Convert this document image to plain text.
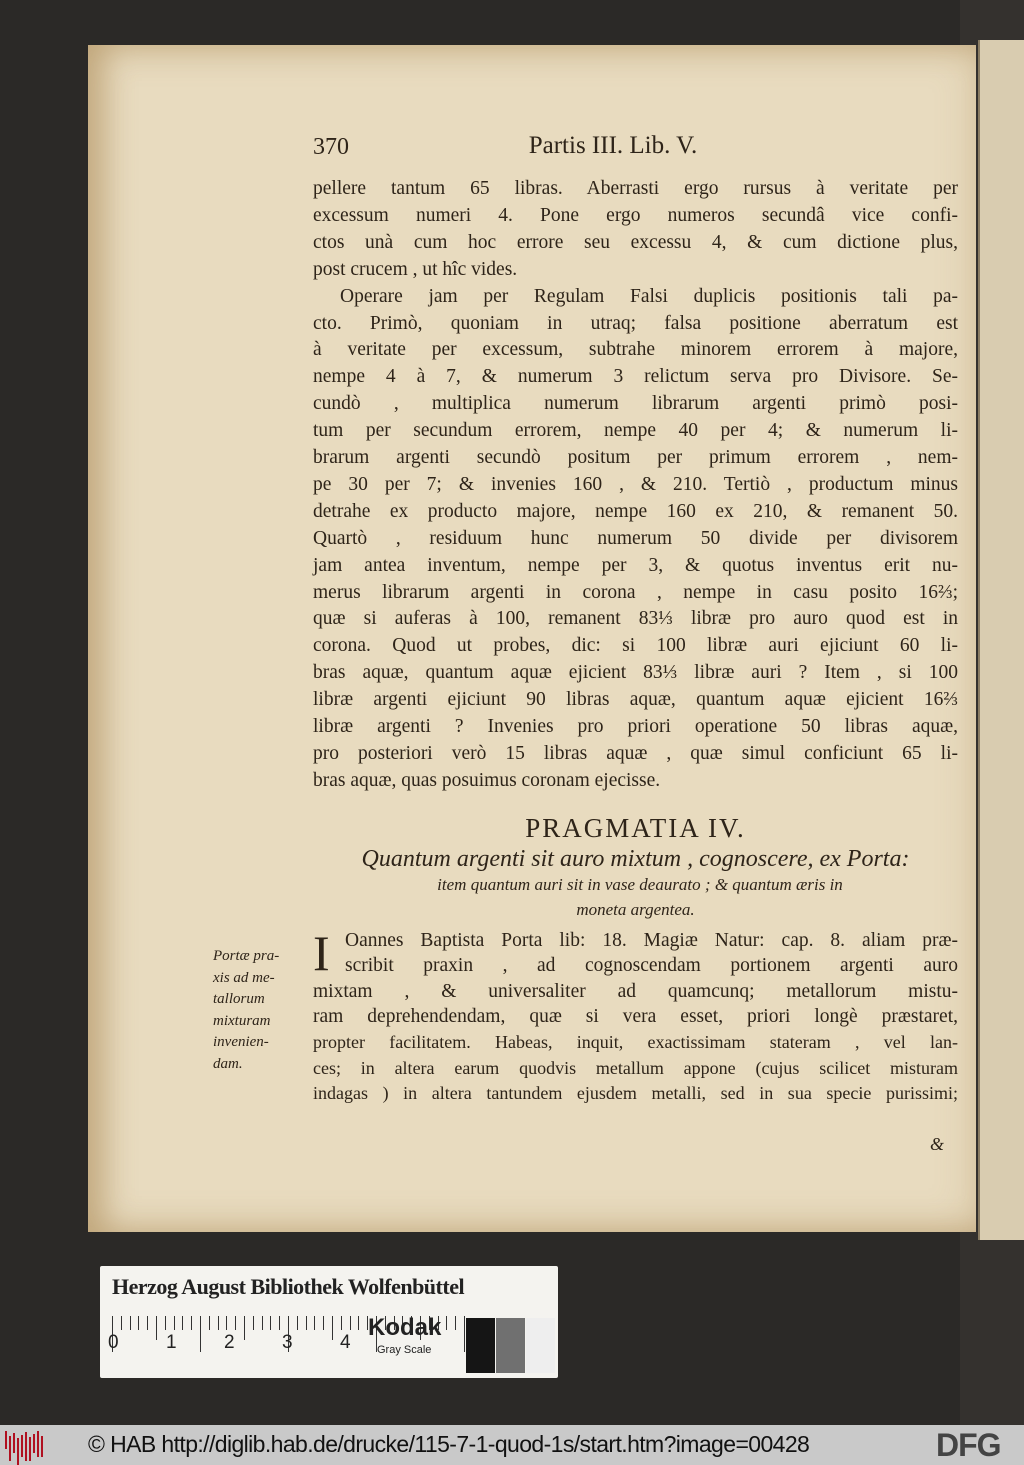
370	Partis III. Lib. V.
pellere tantum 65 libras. Aberrasti ergo rursus à veritate per
excessum numeri 4. Pone ergo numeros secundâ vice confi-
ctos unà cum hoc errore seu excessu 4, & cum dictione plus,
post crucem , ut hîc vides.
Operare jam per Regulam Falsi duplicis positionis tali pa-
cto. Primò, quoniam in utraq; falsa positione aberratum est
à veritate per excessum, subtrahe minorem errorem à majore,
nempe 4 à 7, & numerum 3 relictum serva pro Divisore. Se-
cundò , multiplica numerum librarum argenti primò posi-
tum per secundum errorem, nempe 40 per 4; & numerum li-
brarum argenti secundò positum per primum errorem , nem-
pe 30 per 7; & invenies 160 , & 210. Tertiò , productum minus
detrahe ex producto majore, nempe 160 ex 210, & remanent 50.
Quartò , residuum hunc numerum 50 divide per divisorem
jam antea inventum, nempe per 3, & quotus inventus erit nu-
merus librarum argenti in corona , nempe in casu posito 16⅔;
quæ si auferas à 100, remanent 83⅓ libræ pro auro quod est in
corona. Quod ut probes, dic: si 100 libræ auri ejiciunt 60 li-
bras aquæ, quantum aquæ ejicient 83⅓ libræ auri ? Item , si 100
libræ argenti ejiciunt 90 libras aquæ, quantum aquæ ejicient 16⅔
libræ argenti ? Invenies pro priori operatione 50 libras aquæ,
pro posteriori verò 15 libras aquæ , quæ simul conficiunt 65 li-
bras aquæ, quas posuimus coronam ejecisse.
PRAGMATIA IV.
Quantum argenti sit auro mixtum , cognoscere, ex Porta:
item quantum auri sit in vase deaurato ; & quantum æris in
moneta argentea.
I Oannes Baptista Porta lib: 18. Magiæ Natur: cap. 8. aliam præ-
scribit praxin , ad cognoscendam portionem argenti auro
mixtam , & universaliter ad quamcunq; metallorum mistu-
ram deprehendendam, quæ si vera esset, priori longè præstaret,
propter facilitatem. Habeas, inquit, exactissimam stateram , vel lan-
ces; in altera earum quodvis metallum appone (cujus scilicet misturam
indagas ) in altera tantundem ejusdem metalli, sed in sua specie purissimi;
Portæ pra-
xis ad me-
tallorum
mixturam
invenien-
dam.
&
Herzog August Bibliothek Wolfenbüttel
Kodak
Gray Scale
0 1 2 3 4
© HAB http://diglib.hab.de/drucke/115-7-1-quod-1s/start.htm?image=00428	DFG
